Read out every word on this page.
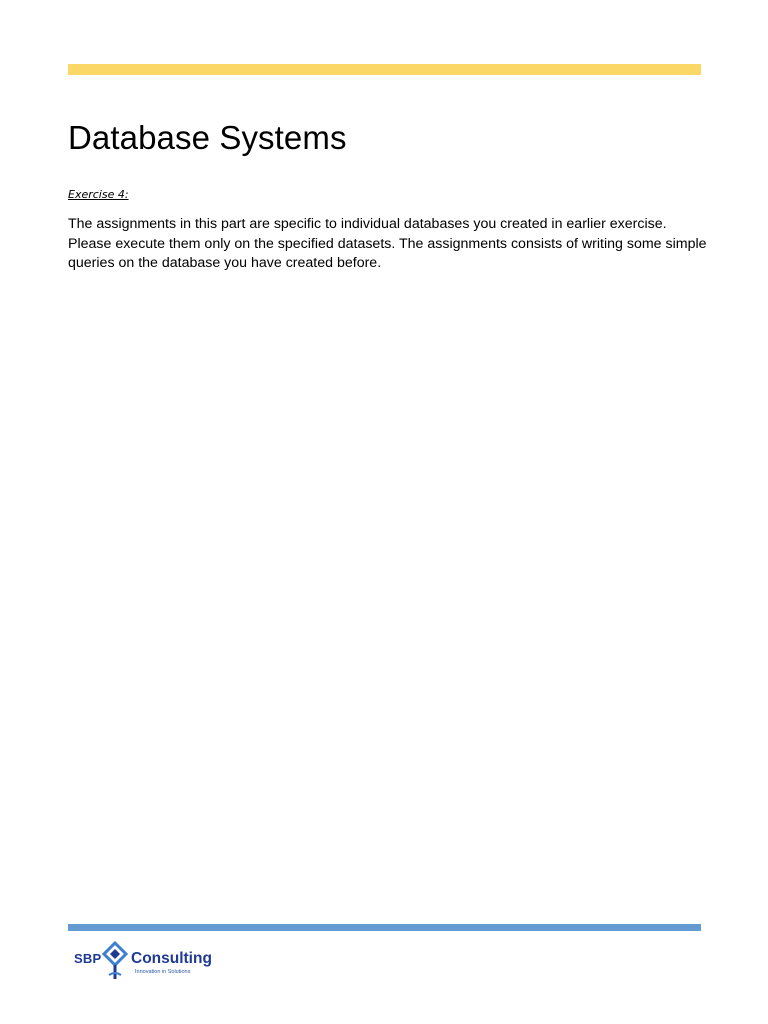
Database Systems
Exercise 4:

The assignments in this part are specific to individual databases you created in earlier exercise. Please execute them only on the specified datasets. The assignments consists of writing some simple queries on the database you have created before.

SBP Consulting
Innovation in Solutions
